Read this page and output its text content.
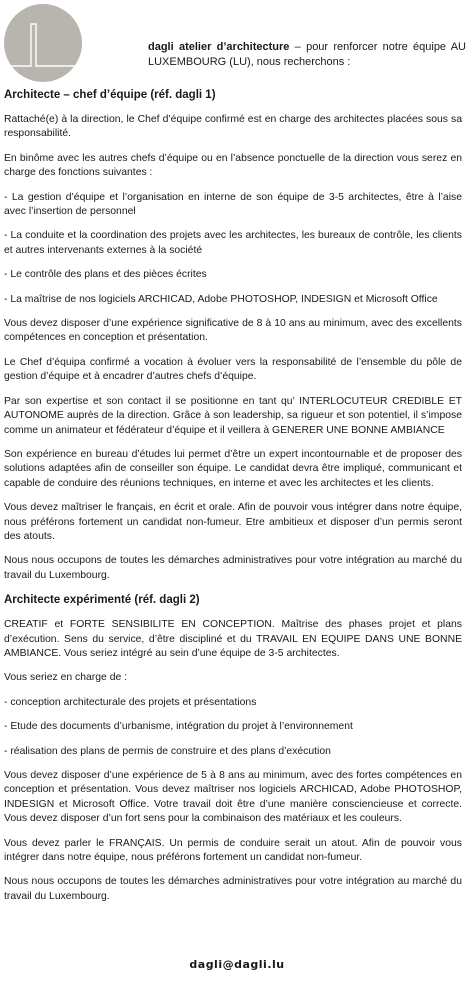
dagli atelier d’architecture – pour renforcer notre équipe AU LUXEMBOURG (LU), nous recherchons :
Architecte – chef d’équipe (réf. dagli 1)

Rattaché(e) à la direction, le Chef d’équipe confirmé est en charge des architectes placées sous sa responsabilité.

En binôme avec les autres chefs d’équipe ou en l’absence ponctuelle de la direction vous serez en charge des fonctions suivantes :

- La gestion d’équipe et l’organisation en interne de son équipe de 3-5 architectes, être à l’aise avec l’insertion de personnel

- La conduite et la coordination des projets avec les architectes, les bureaux de contrôle, les clients et autres intervenants externes à la société

- Le contrôle des plans et des pièces écrites

- La maîtrise de nos logiciels ARCHICAD, Adobe PHOTOSHOP, INDESIGN et Microsoft Office

Vous devez disposer d’une expérience significative de 8 à 10 ans au minimum, avec des excellents compétences en conception et présentation.

Le Chef d’équipa confirmé a vocation à évoluer vers la responsabilité de l’ensemble du pôle de gestion d’équipe et à encadrer d’autres chefs d’équipe.

Par son expertise et son contact il se positionne en tant qu’ INTERLOCUTEUR CREDIBLE ET AUTONOME auprès de la direction. Grâce à son leadership, sa rigueur et son potentiel, il s’impose comme un animateur et fédérateur d’équipe et il veillera à GENERER UNE BONNE AMBIANCE

Son expérience en bureau d’études lui permet d’être un expert incontournable et de proposer des solutions adaptées afin de conseiller son équipe. Le candidat devra être impliqué, communicant et capable de conduire des réunions techniques, en interne et avec les architectes et les clients.

Vous devez maîtriser le français, en écrit et orale. Afin de pouvoir vous intégrer dans notre équipe, nous préférons fortement un candidat non-fumeur. Etre ambitieux et disposer d’un permis seront des atouts.

Nous nous occupons de toutes les démarches administratives pour votre intégration au marché du travail du Luxembourg.

Architecte expérimenté (réf. dagli 2)

CREATIF et FORTE SENSIBILITE EN CONCEPTION. Maîtrise des phases projet et plans d’exécution. Sens du service, d’être discipliné et du TRAVAIL EN EQUIPE DANS UNE BONNE AMBIANCE. Vous seriez intégré au sein d’une équipe de 3-5 architectes.

Vous seriez en charge de :

- conception architecturale des projets et présentations

- Etude des documents d’urbanisme, intégration du projet à l’environnement

- réalisation des plans de permis de construire et des plans d’exécution

Vous devez disposer d’une expérience de 5 à 8 ans au minimum, avec des fortes compétences en conception et présentation. Vous devez maîtriser nos logiciels ARCHICAD, Adobe PHOTOSHOP, INDESIGN et Microsoft Office. Votre travail doit être d’une manière consciencieuse et correcte. Vous devez disposer d’un fort sens pour la combinaison des matériaux et les couleurs.

Vous devez parler le FRANÇAIS. Un permis de conduire serait un atout. Afin de pouvoir vous intégrer dans notre équipe, nous préférons fortement un candidat non-fumeur.

Nous nous occupons de toutes les démarches administratives pour votre intégration au marché du travail du Luxembourg.

dagli@dagli.lu
